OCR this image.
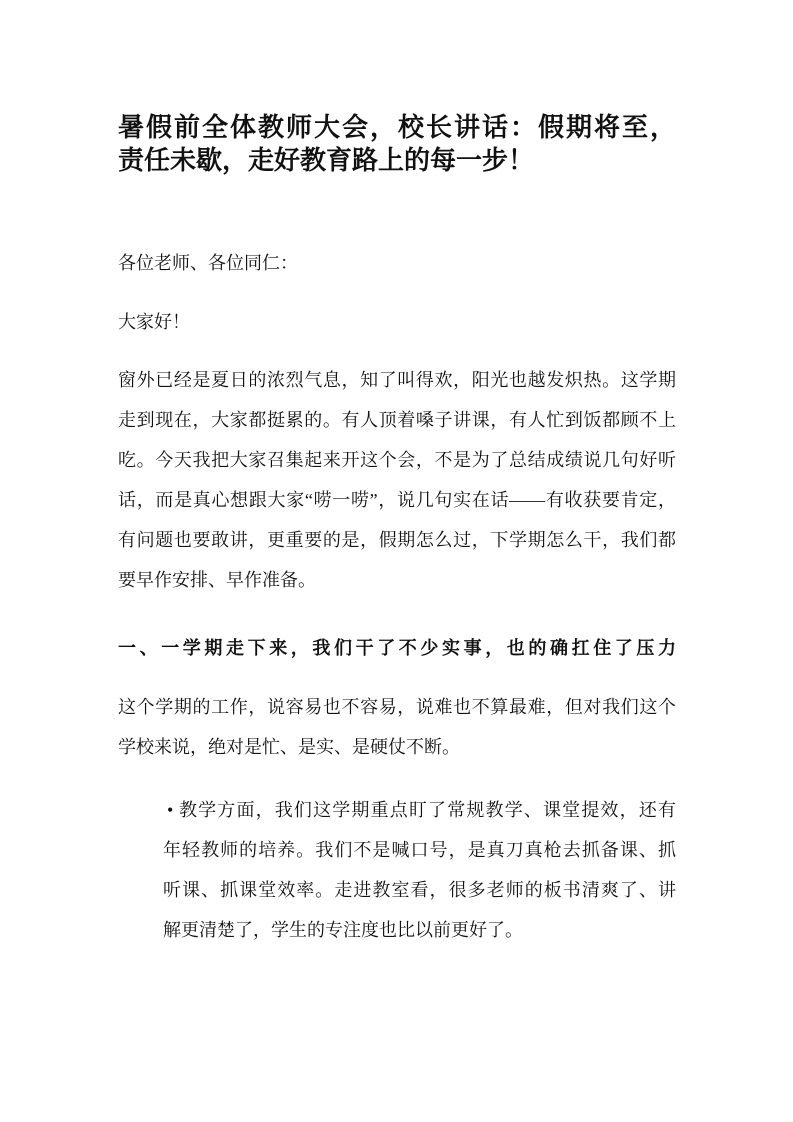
暑假前全体教师大会，校长讲话：假期将至，
责任未歇，走好教育路上的每一步！
各位老师、各位同仁：
大家好！
窗外已经是夏日的浓烈气息，知了叫得欢，阳光也越发炽热。这学期
走到现在，大家都挺累的。有人顶着嗓子讲课，有人忙到饭都顾不上
吃。今天我把大家召集起来开这个会，不是为了总结成绩说几句好听
话，而是真心想跟大家“唠一唠”，说几句实在话——有收获要肯定，
有问题也要敢讲，更重要的是，假期怎么过，下学期怎么干，我们都
要早作安排、早作准备。
一、一学期走下来，我们干了不少实事，也的确扛住了压力
这个学期的工作，说容易也不容易，说难也不算最难，但对我们这个
学校来说，绝对是忙、是实、是硬仗不断。
• 教学方面，我们这学期重点盯了常规教学、课堂提效，还有
年轻教师的培养。我们不是喊口号，是真刀真枪去抓备课、抓
听课、抓课堂效率。走进教室看，很多老师的板书清爽了、讲
解更清楚了，学生的专注度也比以前更好了。
